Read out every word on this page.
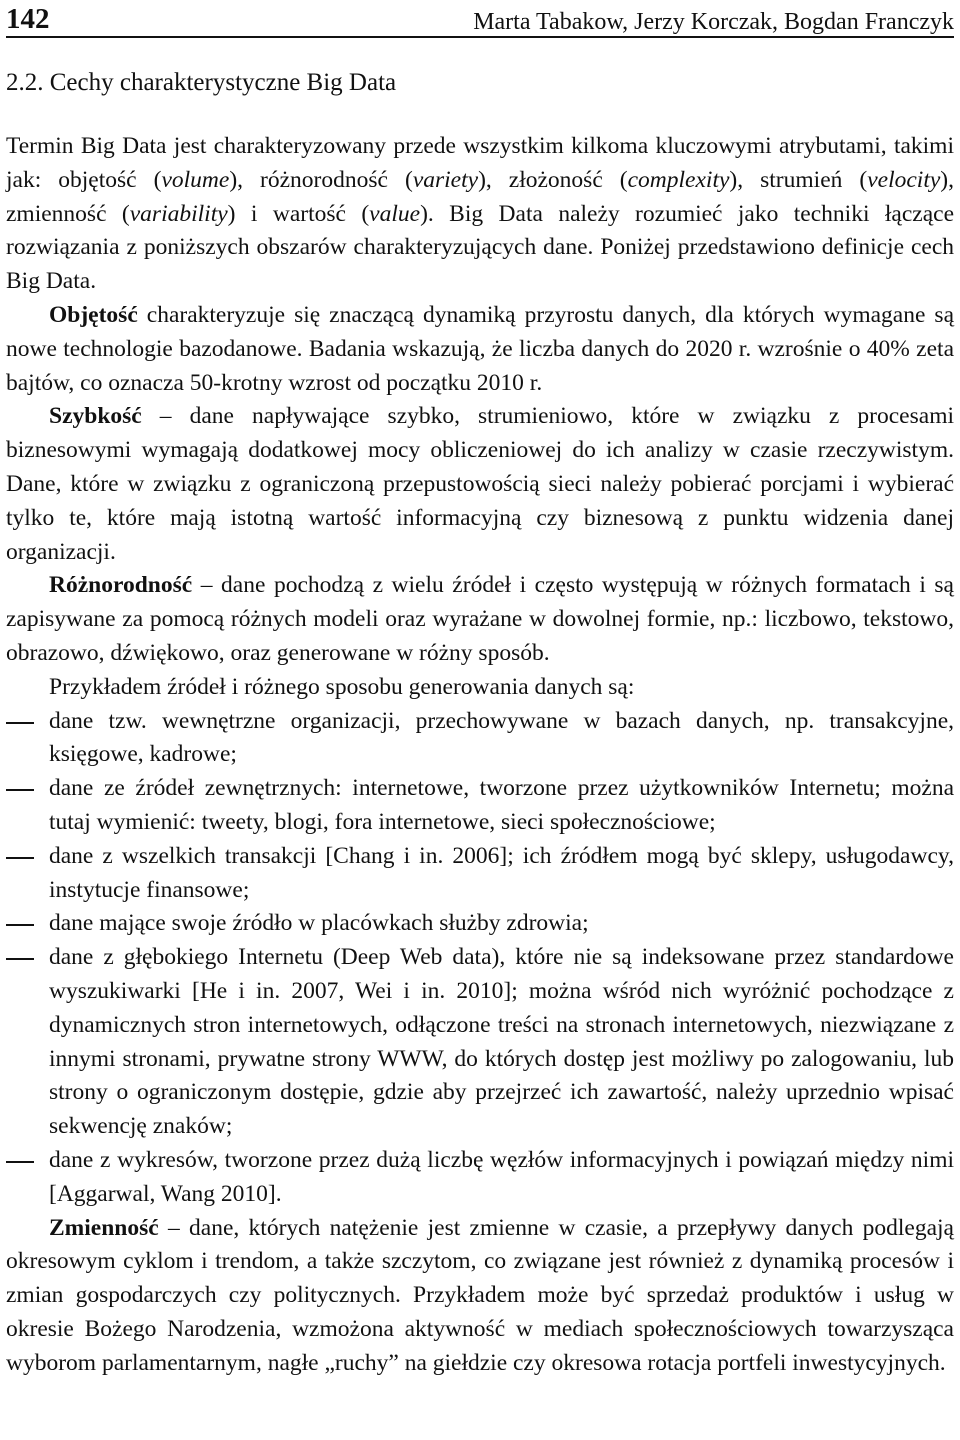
142	Marta Tabakow, Jerzy Korczak, Bogdan Franczyk
2.2. Cechy charakterystyczne Big Data

Termin Big Data jest charakteryzowany przede wszystkim kilkoma kluczowymi atrybutami, takimi jak: objętość (volume), różnorodność (variety), złożoność (complexity), strumień (velocity), zmienność (variability) i wartość (value). Big Data należy rozumieć jako techniki łączące rozwiązania z poniższych obszarów charakteryzujących dane. Poniżej przedstawiono definicje cech Big Data.

Objętość charakteryzuje się znaczącą dynamiką przyrostu danych, dla których wymagane są nowe technologie bazodanowe. Badania wskazują, że liczba danych do 2020 r. wzrośnie o 40% zeta bajtów, co oznacza 50-krotny wzrost od początku 2010 r.

Szybkość – dane napływające szybko, strumieniowo, które w związku z procesami biznesowymi wymagają dodatkowej mocy obliczeniowej do ich analizy w czasie rzeczywistym. Dane, które w związku z ograniczoną przepustowością sieci należy pobierać porcjami i wybierać tylko te, które mają istotną wartość informacyjną czy biznesową z punktu widzenia danej organizacji.

Różnorodność – dane pochodzą z wielu źródeł i często występują w różnych formatach i są zapisywane za pomocą różnych modeli oraz wyrażane w dowolnej formie, np.: liczbowo, tekstowo, obrazowo, dźwiękowo, oraz generowane w różny sposób.

Przykładem źródeł i różnego sposobu generowania danych są:

dane tzw. wewnętrzne organizacji, przechowywane w bazach danych, np. transakcyjne, księgowe, kadrowe;
dane ze źródeł zewnętrznych: internetowe, tworzone przez użytkowników Internetu; można tutaj wymienić: tweety, blogi, fora internetowe, sieci społecznościowe;
dane z wszelkich transakcji [Chang i in. 2006]; ich źródłem mogą być sklepy, usługodawcy, instytucje finansowe;
dane mające swoje źródło w placówkach służby zdrowia;
dane z głębokiego Internetu (Deep Web data), które nie są indeksowane przez standardowe wyszukiwarki [He i in. 2007, Wei i in. 2010]; można wśród nich wyróżnić pochodzące z dynamicznych stron internetowych, odłączone treści na stronach internetowych, niezwiązane z innymi stronami, prywatne strony WWW, do których dostęp jest możliwy po zalogowaniu, lub strony o ograniczonym dostępie, gdzie aby przejrzeć ich zawartość, należy uprzednio wpisać sekwencję znaków;
dane z wykresów, tworzone przez dużą liczbę węzłów informacyjnych i powiązań między nimi [Aggarwal, Wang 2010].

Zmienność – dane, których natężenie jest zmienne w czasie, a przepływy danych podlegają okresowym cyklom i trendom, a także szczytom, co związane jest również z dynamiką procesów i zmian gospodarczych czy politycznych. Przykładem może być sprzedaż produktów i usług w okresie Bożego Narodzenia, wzmożona aktywność w mediach społecznościowych towarzysząca wyborom parlamentarnym, nagłe „ruchy” na giełdzie czy okresowa rotacja portfeli inwestycyjnych.
